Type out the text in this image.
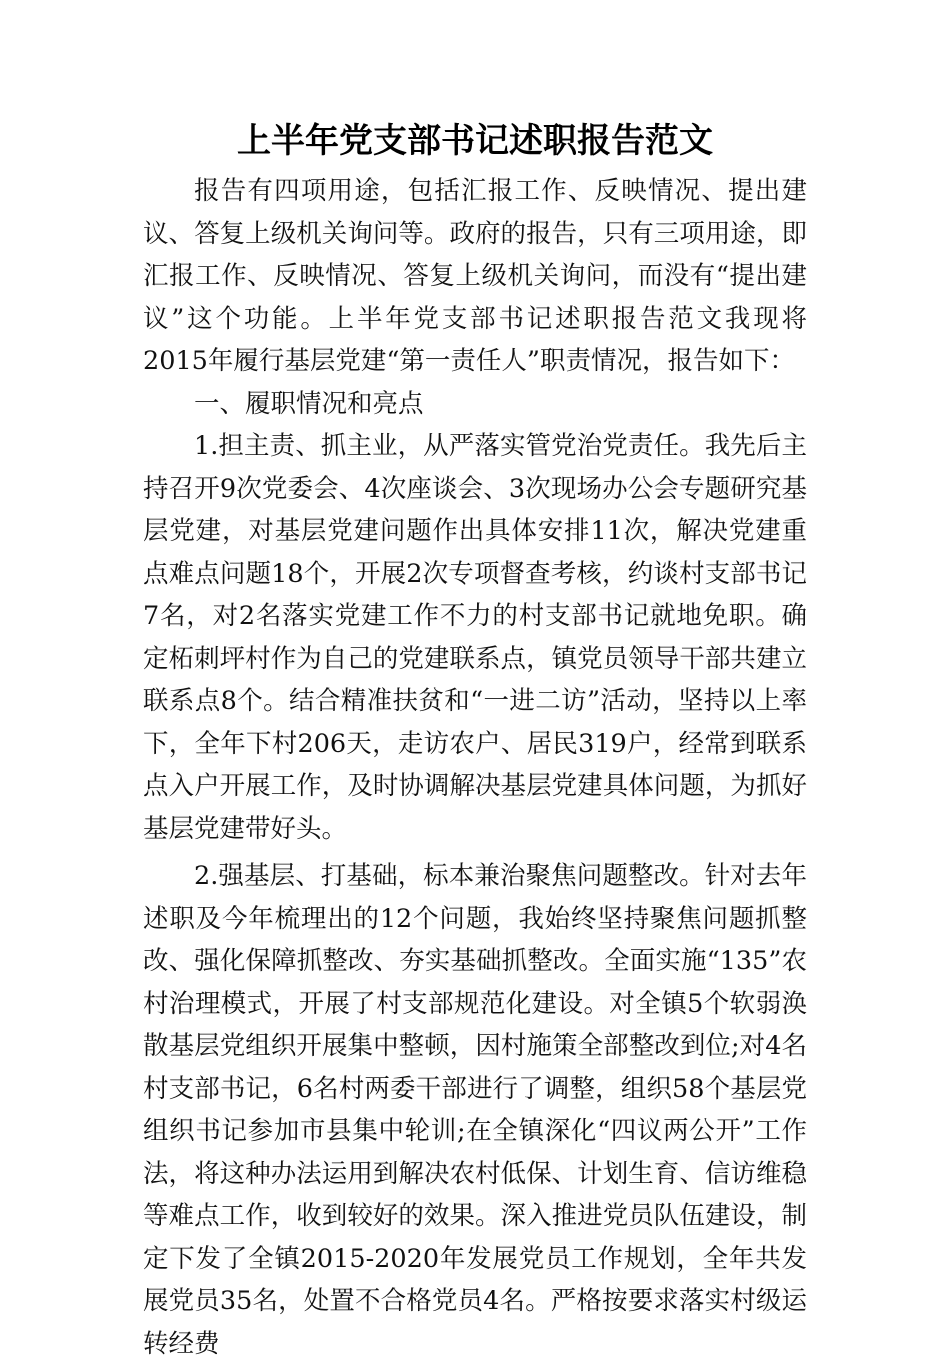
上半年党支部书记述职报告范文

报告有四项用途，包括汇报工作、反映情况、提出建议、答复上级机关询问等。政府的报告，只有三项用途，即汇报工作、反映情况、答复上级机关询问，而没有“提出建议”这个功能。上半年党支部书记述职报告范文我现将2015年履行基层党建“第一责任人”职责情况，报告如下：

一、履职情况和亮点

1.担主责、抓主业，从严落实管党治党责任。我先后主持召开9次党委会、4次座谈会、3次现场办公会专题研究基层党建，对基层党建问题作出具体安排11次，解决党建重点难点问题18个，开展2次专项督查考核，约谈村支部书记7名，对2名落实党建工作不力的村支部书记就地免职。确定柘刺坪村作为自己的党建联系点，镇党员领导干部共建立联系点8个。结合精准扶贫和“一进二访”活动，坚持以上率下，全年下村206天，走访农户、居民319户，经常到联系点入户开展工作，及时协调解决基层党建具体问题，为抓好基层党建带好头。

2.强基层、打基础，标本兼治聚焦问题整改。针对去年述职及今年梳理出的12个问题，我始终坚持聚焦问题抓整改、强化保障抓整改、夯实基础抓整改。全面实施“135”农村治理模式，开展了村支部规范化建设。对全镇5个软弱涣散基层党组织开展集中整顿，因村施策全部整改到位;对4名村支部书记，6名村两委干部进行了调整，组织58个基层党组织书记参加市县集中轮训;在全镇深化“四议两公开”工作法，将这种办法运用到解决农村低保、计划生育、信访维稳等难点工作，收到较好的效果。深入推进党员队伍建设，制定下发了全镇2015-2020年发展党员工作规划，全年共发展党员35名，处置不合格党员4名。严格按要求落实村级运转经费
